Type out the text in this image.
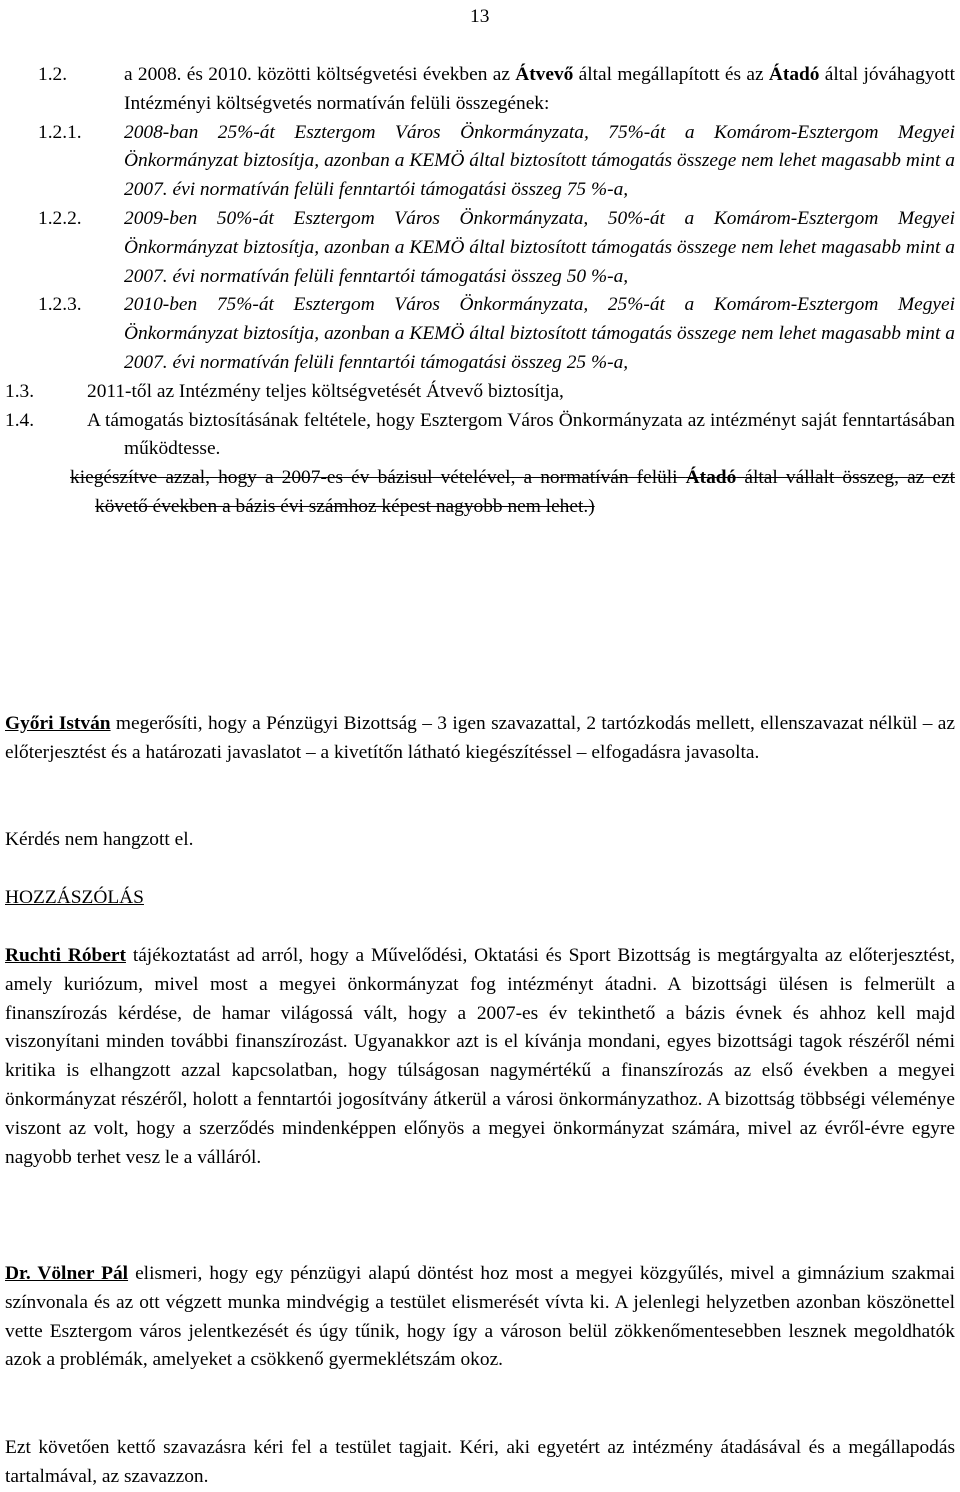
13
1.2.	a 2008. és 2010. közötti költségvetési években az Átvevő által megállapított és az Átadó által jóváhagyott Intézményi költségvetés normatíván felüli összegének:
1.2.1. 2008-ban 25%-át Esztergom Város Önkormányzata, 75%-át a Komárom-Esztergom Megyei Önkormányzat biztosítja, azonban a KEMÖ által biztosított támogatás összege nem lehet magasabb mint a 2007. évi normatíván felüli fenntartói támogatási összeg 75 %-a,
1.2.2. 2009-ben 50%-át Esztergom Város Önkormányzata, 50%-át a Komárom-Esztergom Megyei Önkormányzat biztosítja, azonban a KEMÖ által biztosított támogatás összege nem lehet magasabb mint a 2007. évi normatíván felüli fenntartói támogatási összeg 50 %-a,
1.2.3. 2010-ben 75%-át Esztergom Város Önkormányzata, 25%-át a Komárom-Esztergom Megyei Önkormányzat biztosítja, azonban a KEMÖ által biztosított támogatás összege nem lehet magasabb mint a 2007. évi normatíván felüli fenntartói támogatási összeg 25 %-a,
1.3.	2011-től az Intézmény teljes költségvetését Átvevő biztosítja,
1.4.	A támogatás biztosításának feltétele, hogy Esztergom Város Önkormányzata az intézményt saját fenntartásában működtesse.
kiegészítve azzal, hogy a 2007-es év bázisul vételével, a normatíván felüli Átadó által vállalt összeg, az ezt követő években a bázis évi számhoz képest nagyobb nem lehet.)
Győri István megerősíti, hogy a Pénzügyi Bizottság – 3 igen szavazattal, 2 tartózkodás mellett, ellenszavazat nélkül – az előterjesztést és a határozati javaslatot – a kivetítőn látható kiegészítéssel – elfogadásra javasolta.
Kérdés nem hangzott el.
HOZZÁSZÓLÁS
Ruchti Róbert tájékoztatást ad arról, hogy a Művelődési, Oktatási és Sport Bizottság is megtárgyalta az előterjesztést, amely kuriózum, mivel most a megyei önkormányzat fog intézményt átadni. A bizottsági ülésen is felmerült a finanszírozás kérdése, de hamar világossá vált, hogy a 2007-es év tekinthető a bázis évnek és ahhoz kell majd viszonyítani minden további finanszírozást. Ugyanakkor azt is el kívánja mondani, egyes bizottsági tagok részéről némi kritika is elhangzott azzal kapcsolatban, hogy túlságosan nagymértékű a finanszírozás az első években a megyei önkormányzat részéről, holott a fenntartói jogosítvány átkerül a városi önkormányzathoz. A bizottság többségi véleménye viszont az volt, hogy a szerződés mindenképpen előnyös a megyei önkormányzat számára, mivel az évről-évre egyre nagyobb terhet vesz le a válláról.
Dr. Völner Pál elismeri, hogy egy pénzügyi alapú döntést hoz most a megyei közgyűlés, mivel a gimnázium szakmai színvonala és az ott végzett munka mindvégig a testület elismerését vívta ki. A jelenlegi helyzetben azonban köszönettel vette Esztergom város jelentkezését és úgy tűnik, hogy így a városon belül zökkenőmentesebben lesznek megoldhatók azok a problémák, amelyeket a csökkenő gyermeklétszám okoz.
Ezt követően kettő szavazásra kéri fel a testület tagjait. Kéri, aki egyetért az intézmény átadásával és a megállapodás tartalmával, az szavazzon.
